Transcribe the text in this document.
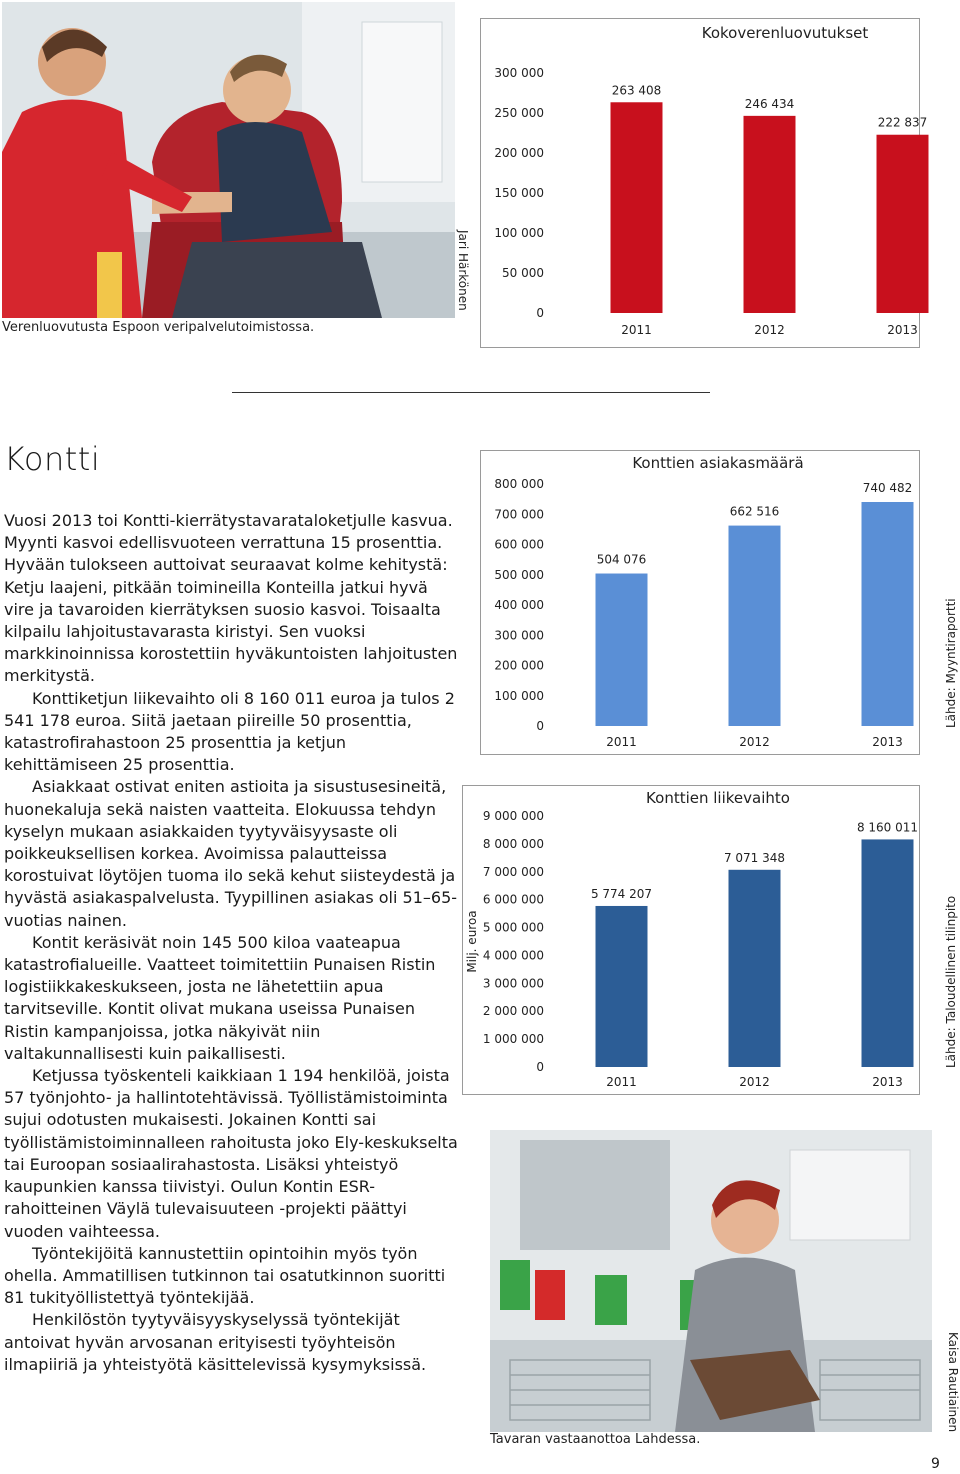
Verenluovutusta Espoon veripalvelutoimistossa.
Jari Härkönen
Kokoverenluovutukset
0
50 000
100 000
150 000
200 000
250 000
300 000
263 408
2011
246 434
2012
222 837
2013
Kontti

Vuosi 2013 toi Kontti-kierrätystavarataloketjulle kasvua. Myynti kasvoi edellisvuoteen verrattuna 15 prosenttia. Hyvään tulokseen auttoivat seuraavat kolme kehitystä: Ketju laajeni, pitkään toimineilla Konteilla jatkui hyvä vire ja tavaroiden kierrätyksen suosio kasvoi. Toisaalta kilpailu lahjoitustavarasta kiristyi. Sen vuoksi markkinoinnissa korostettiin hyväkuntoisten lahjoitusten merkitystä.

Konttiketjun liikevaihto oli 8 160 011 euroa ja tulos 2 541 178 euroa. Siitä jaetaan piireille 50 prosenttia, katastrofirahastoon 25 prosenttia ja ketjun kehittämiseen 25 prosenttia.

Asiakkaat ostivat eniten astioita ja sisustusesineitä, huonekaluja sekä naisten vaatteita. Elokuussa tehdyn kyselyn mukaan asiakkaiden tyytyväisyysaste oli poikkeuksellisen korkea. Avoimissa palautteissa korostuivat löytöjen tuoma ilo sekä kehut siisteydestä ja hyvästä asiakaspalvelusta. Tyypillinen asiakas oli 51–65-vuotias nainen.

Kontit keräsivät noin 145 500 kiloa vaateapua katastrofialueille. Vaatteet toimitettiin Punaisen Ristin logistiikkakeskukseen, josta ne lähetettiin apua tarvitseville. Kontit olivat mukana useissa Punaisen Ristin kampanjoissa, jotka näkyivät niin valtakunnallisesti kuin paikallisesti.

Ketjussa työskenteli kaikkiaan 1 194 henkilöä, joista 57 työnjohto- ja hallintotehtävissä. Työllistämistoiminta sujui odotusten mukaisesti. Jokainen Kontti sai työllistämistoiminnalleen rahoitusta joko Ely-keskukselta tai Euroopan sosiaalirahastosta. Lisäksi yhteistyö kaupunkien kanssa tiivistyi. Oulun Kontin ESR-rahoitteinen Väylä tulevaisuuteen -projekti päättyi vuoden vaihteessa.

Työntekijöitä kannustettiin opintoihin myös työn ohella. Ammatillisen tutkinnon tai osatutkinnon suoritti 81 tukityöllistettyä työntekijää.

Henkilöstön tyytyväisyyskyselyssä työntekijät antoivat hyvän arvosanan erityisesti työyhteisön ilmapiiriä ja yhteistyötä käsittelevissä kysymyksissä.

Konttien asiakasmäärä
0
100 000
200 000
300 000
400 000
500 000
600 000
700 000
800 000
504 076
2011
662 516
2012
740 482
2013
Lähde: Myyntiraportti
Konttien liikevaihto
0
1 000 000
2 000 000
3 000 000
4 000 000
5 000 000
6 000 000
7 000 000
8 000 000
9 000 000
Milj. euroa
5 774 207
2011
7 071 348
2012
8 160 011
2013
Lähde: Taloudellinen tilinpito
Tavaran vastaanottoa Lahdessa.
Kaisa Rautiainen
9
